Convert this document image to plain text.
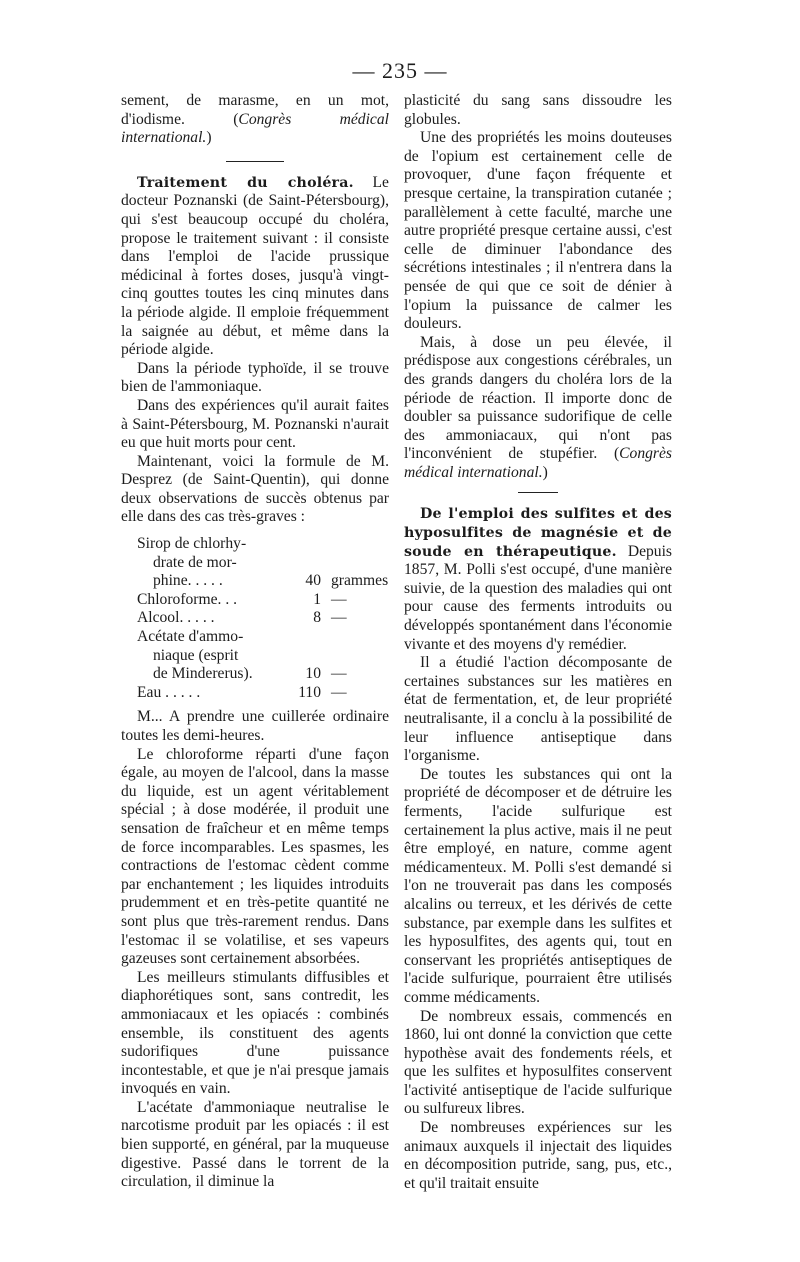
— 235 —

sement, de marasme, en un mot, d'iodisme. (Congrès médical international.)

Traitement du choléra. Le docteur Poznanski (de Saint-Pétersbourg), qui s'est beaucoup occupé du choléra, propose le traitement suivant : il consiste dans l'emploi de l'acide prussique médicinal à fortes doses, jusqu'à vingt-cinq gouttes toutes les cinq minutes dans la période algide. Il emploie fréquemment la saignée au début, et même dans la période algide.

Dans la période typhoïde, il se trouve bien de l'ammoniaque.

Dans des expériences qu'il aurait faites à Saint-Pétersbourg, M. Poznanski n'aurait eu que huit morts pour cent.

Maintenant, voici la formule de M. Desprez (de Saint-Quentin), qui donne deux observations de succès obtenus par elle dans des cas très-graves :

Sirop de chlorhy-
drate de mor-
phine. . . . .	40 grammes
Chloroforme. . .	1 —
Alcool. . . . .	8 —
Acétate d'ammo-
niaque (esprit
de Mindererus).	10 —
Eau . . . . .	110 —

M... A prendre une cuillerée ordinaire toutes les demi-heures.

Le chloroforme réparti d'une façon égale, au moyen de l'alcool, dans la masse du liquide, est un agent véritablement spécial ; à dose modérée, il produit une sensation de fraîcheur et en même temps de force incomparables. Les spasmes, les contractions de l'estomac cèdent comme par enchantement ; les liquides introduits prudemment et en très-petite quantité ne sont plus que très-rarement rendus. Dans l'estomac il se volatilise, et ses vapeurs gazeuses sont certainement absorbées.

Les meilleurs stimulants diffusibles et diaphorétiques sont, sans contredit, les ammoniacaux et les opiacés : combinés ensemble, ils constituent des agents sudorifiques d'une puissance incontestable, et que je n'ai presque jamais invoqués en vain.

L'acétate d'ammoniaque neutralise le narcotisme produit par les opiacés : il est bien supporté, en général, par la muqueuse digestive. Passé dans le torrent de la circulation, il diminue la

plasticité du sang sans dissoudre les globules.

Une des propriétés les moins douteuses de l'opium est certainement celle de provoquer, d'une façon fréquente et presque certaine, la transpiration cutanée ; parallèlement à cette faculté, marche une autre propriété presque certaine aussi, c'est celle de diminuer l'abondance des sécrétions intestinales ; il n'entrera dans la pensée de qui que ce soit de dénier à l'opium la puissance de calmer les douleurs.

Mais, à dose un peu élevée, il prédispose aux congestions cérébrales, un des grands dangers du choléra lors de la période de réaction. Il importe donc de doubler sa puissance sudorifique de celle des ammoniacaux, qui n'ont pas l'inconvénient de stupéfier. (Congrès médical international.)

De l'emploi des sulfites et des hyposulfites de magnésie et de soude en thérapeutique. Depuis 1857, M. Polli s'est occupé, d'une manière suivie, de la question des maladies qui ont pour cause des ferments introduits ou développés spontanément dans l'économie vivante et des moyens d'y remédier.

Il a étudié l'action décomposante de certaines substances sur les matières en état de fermentation, et, de leur propriété neutralisante, il a conclu à la possibilité de leur influence antiseptique dans l'organisme.

De toutes les substances qui ont la propriété de décomposer et de détruire les ferments, l'acide sulfurique est certainement la plus active, mais il ne peut être employé, en nature, comme agent médicamenteux. M. Polli s'est demandé si l'on ne trouverait pas dans les composés alcalins ou terreux, et les dérivés de cette substance, par exemple dans les sulfites et les hyposulfites, des agents qui, tout en conservant les propriétés antiseptiques de l'acide sulfurique, pourraient être utilisés comme médicaments.

De nombreux essais, commencés en 1860, lui ont donné la conviction que cette hypothèse avait des fondements réels, et que les sulfites et hyposulfites conservent l'activité antiseptique de l'acide sulfurique ou sulfureux libres.

De nombreuses expériences sur les animaux auxquels il injectait des liquides en décomposition putride, sang, pus, etc., et qu'il traitait ensuite
